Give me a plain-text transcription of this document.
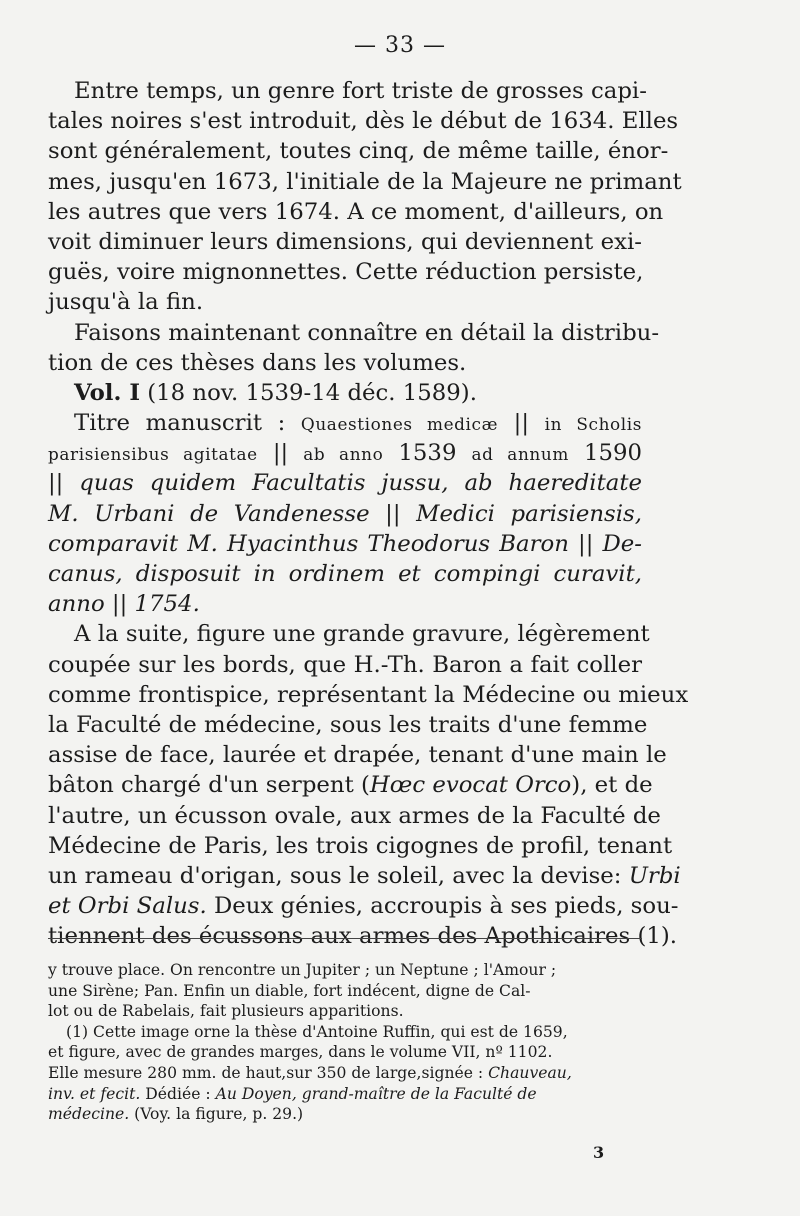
— 33 —
Entre temps, un genre fort triste de grosses capi-
tales noires s'est introduit, dès le début de 1634. Elles
sont généralement, toutes cinq, de même taille, énor-
mes, jusqu'en 1673, l'initiale de la Majeure ne primant
les autres que vers 1674. A ce moment, d'ailleurs, on
voit diminuer leurs dimensions, qui deviennent exi-
guës, voire mignonnettes. Cette réduction persiste,
jusqu'à la fin.
Faisons maintenant connaître en détail la distribu-
tion de ces thèses dans les volumes.
Vol. I (18 nov. 1539-14 déc. 1589).
Titre manuscrit : Quaestiones medicæ || in Scholis
parisiensibus agitatae || ab anno 1539 ad annum 1590
|| quas quidem Facultatis jussu, ab haereditate
M. Urbani de Vandenesse || Medici parisiensis,
comparavit M. Hyacinthus Theodorus Baron || De-
canus, disposuit in ordinem et compingi curavit,
anno || 1754.
A la suite, figure une grande gravure, légèrement
coupée sur les bords, que H.-Th. Baron a fait coller
comme frontispice, représentant la Médecine ou mieux
la Faculté de médecine, sous les traits d'une femme
assise de face, laurée et drapée, tenant d'une main le
bâton chargé d'un serpent (Hœc evocat Orco), et de
l'autre, un écusson ovale, aux armes de la Faculté de
Médecine de Paris, les trois cigognes de profil, tenant
un rameau d'origan, sous le soleil, avec la devise: Urbi
et Orbi Salus. Deux génies, accroupis à ses pieds, sou-
tiennent des écussons aux armes des Apothicaires (1).
y trouve place. On rencontre un Jupiter ; un Neptune ; l'Amour ;
une Sirène; Pan. Enfin un diable, fort indécent, digne de Cal-
lot ou de Rabelais, fait plusieurs apparitions.
(1) Cette image orne la thèse d'Antoine Ruffin, qui est de 1659,
et figure, avec de grandes marges, dans le volume VII, nº 1102.
Elle mesure 280 mm. de haut,sur 350 de large,signée : Chauveau,
inv. et fecit. Dédiée : Au Doyen, grand-maître de la Faculté de
médecine. (Voy. la figure, p. 29.)
3
